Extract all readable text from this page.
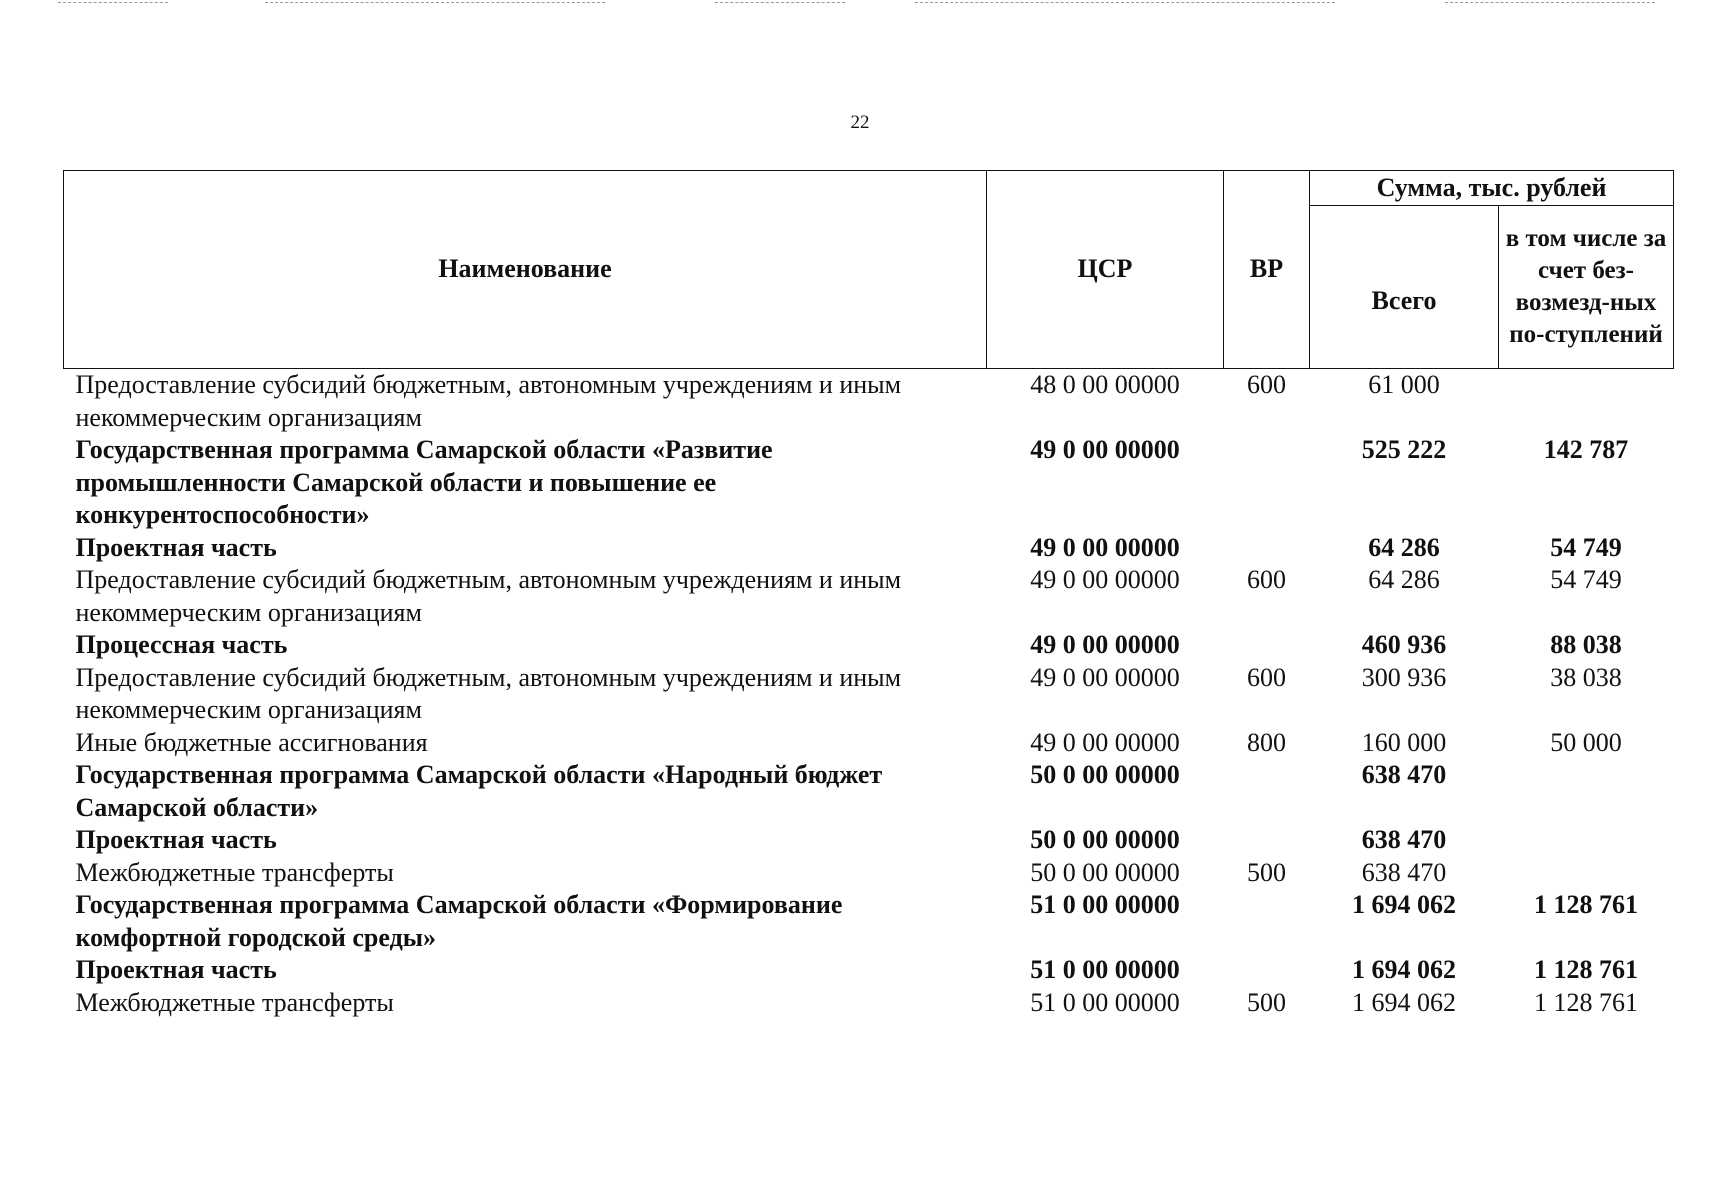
22
Наименование	ЦСР	ВР	Сумма, тыс. рублей	
			Всего	в том числе за счет без-возмезд-ных по-ступлений
Предоставление субсидий бюджетным, автономным учреждениям и иным некоммерческим организациям	48 0 00 00000	600	61 000	
Государственная программа Самарской области «Развитие промышленности Самарской области и повышение ее конкурентоспособности»	49 0 00 00000		525 222	142 787
Проектная часть	49 0 00 00000		64 286	54 749
Предоставление субсидий бюджетным, автономным учреждениям и иным некоммерческим организациям	49 0 00 00000	600	64 286	54 749
Процессная часть	49 0 00 00000		460 936	88 038
Предоставление субсидий бюджетным, автономным учреждениям и иным некоммерческим организациям	49 0 00 00000	600	300 936	38 038
Иные бюджетные ассигнования	49 0 00 00000	800	160 000	50 000
Государственная программа Самарской области «Народный бюджет Самарской области»	50 0 00 00000		638 470	
Проектная часть	50 0 00 00000		638 470	
Межбюджетные трансферты	50 0 00 00000	500	638 470	
Государственная программа Самарской области «Формирование комфортной городской среды»	51 0 00 00000		1 694 062	1 128 761
Проектная часть	51 0 00 00000		1 694 062	1 128 761
Межбюджетные трансферты	51 0 00 00000	500	1 694 062	1 128 761
